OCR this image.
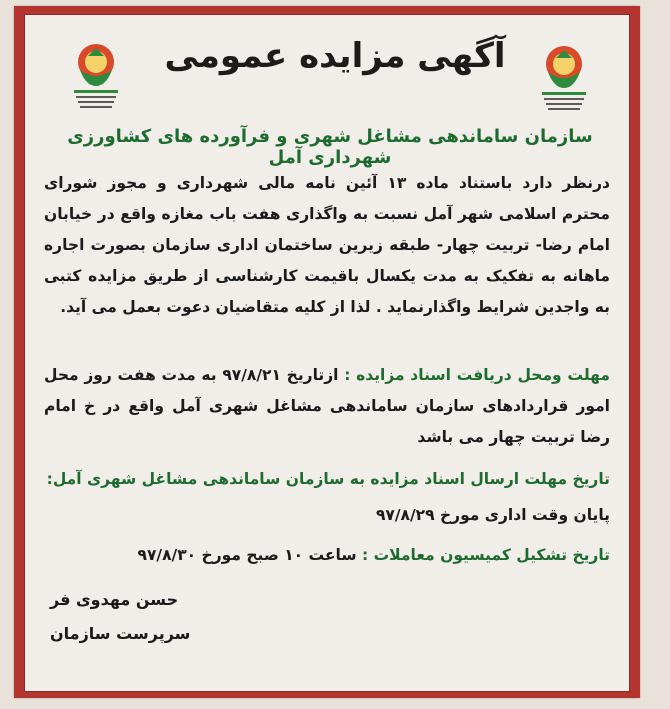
آگهی مزایده عمومی
سازمان ساماندهی مشاغل شهری و فرآورده های کشاورزی شهرداری آمل
درنظر دارد باستناد ماده ۱۳ آئین نامه مالی شهرداری و مجوز شورای محترم اسلامی شهر آمل نسبت به واگذاری هفت باب مغازه واقع در خیابان امام رضا- تربیت چهار- طبقه زیرین ساختمان اداری سازمان بصورت اجاره ماهانه به تفکیک به مدت یکسال باقیمت کارشناسی از طریق مزایده کتبی به واجدین شرایط واگذارنماید . لذا از کلیه متقاضیان دعوت بعمل می آید.
مهلت ومحل دریافت اسناد مزایده : ازتاریخ ۹۷/۸/۲۱ به مدت هفت روز محل امور قراردادهای سازمان ساماندهی مشاغل شهری آمل واقع در خ امام رضا تربیت چهار می باشد
تاریخ مهلت ارسال اسناد مزایده به سازمان ساماندهی مشاغل شهری آمل:
پایان وقت اداری مورخ ۹۷/۸/۲۹
تاریخ تشکیل کمیسیون معاملات : ساعت ۱۰ صبح مورخ ۹۷/۸/۳۰
حسن مهدوی فر
سرپرست سازمان
